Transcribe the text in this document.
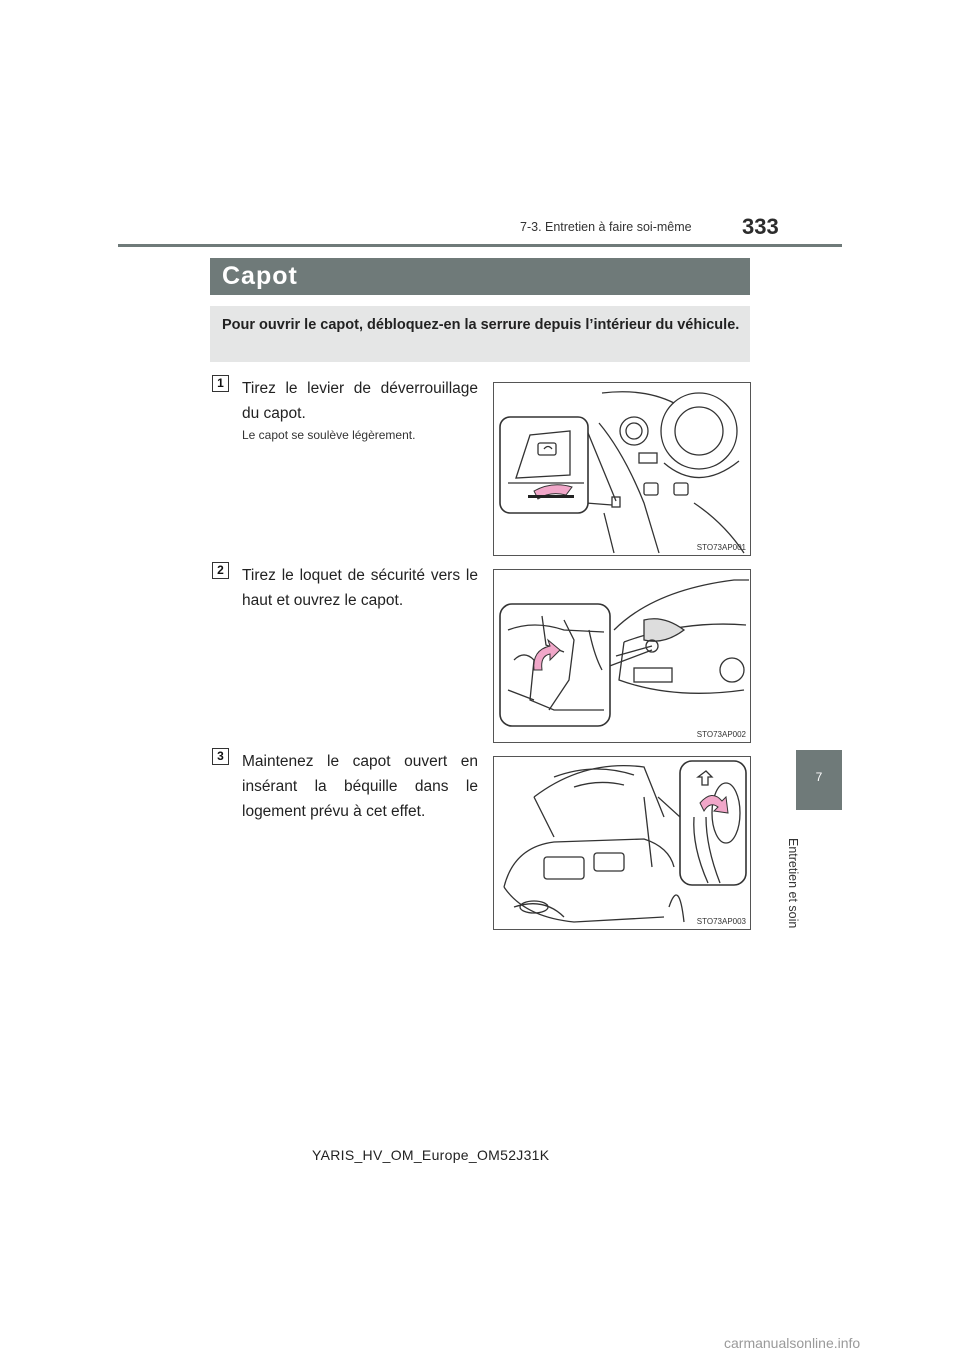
7-3. Entretien à faire soi-même 333
7
Entretien et soin
Capot
Pour ouvrir le capot, débloquez-en la serrure depuis l’intérieur du véhicule.
1	Tirez le levier de déverrouillage du capot.
Le capot se soulève légèrement.
STO73AP001
2	Tirez le loquet de sécurité vers le haut et ouvrez le capot.
STO73AP002
3	Maintenez le capot ouvert en insérant la béquille dans le logement prévu à cet effet.
STO73AP003
YARIS_HV_OM_Europe_OM52J31K
carmanualsonline.info
